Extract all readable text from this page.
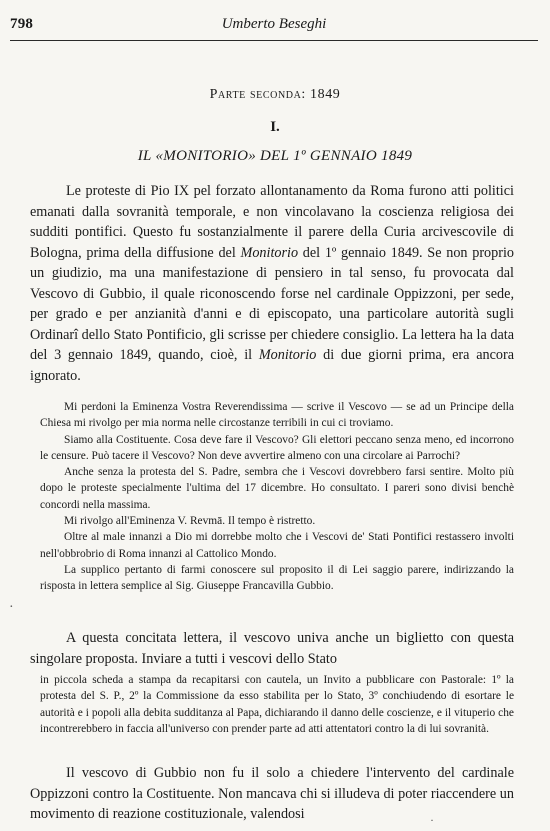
798	Umberto Beseghi
Parte seconda: 1849
I.
IL «MONITORIO» DEL 1º GENNAIO 1849

Le proteste di Pio IX pel forzato allontanamento da Roma furono atti politici emanati dalla sovranità temporale, e non vincolavano la coscienza religiosa dei sudditi pontifici. Questo fu sostanzialmente il parere della Curia arcivescovile di Bologna, prima della diffusione del Monitorio del 1º gennaio 1849. Se non proprio un giudizio, ma una manifestazione di pensiero in tal senso, fu provocata dal Vescovo di Gubbio, il quale riconoscendo forse nel cardinale Oppizzoni, per sede, per grado e per anzianità d'anni e di episcopato, una particolare autorità sugli Ordinarî dello Stato Pontificio, gli scrisse per chiedere consiglio. La lettera ha la data del 3 gennaio 1849, quando, cioè, il Monitorio di due giorni prima, era ancora ignorato.

Mi perdoni la Eminenza Vostra Reverendissima — scrive il Vescovo — se ad un Principe della Chiesa mi rivolgo per mia norma nelle circostanze terribili in cui ci troviamo.

Siamo alla Costituente. Cosa deve fare il Vescovo? Gli elettori peccano senza meno, ed incorrono le censure. Può tacere il Vescovo? Non deve avvertire almeno con una circolare ai Parrochi?

Anche senza la protesta del S. Padre, sembra che i Vescovi dovrebbero farsi sentire. Molto più dopo le proteste specialmente l'ultima del 17 dicembre. Ho consultato. I pareri sono divisi benchè concordi nella massima.

Mi rivolgo all'Eminenza V. Revmā. Il tempo è ristretto.

Oltre al male innanzi a Dio mi dorrebbe molto che i Vescovi de' Stati Pontifici restassero involti nell'obbrobrio di Roma innanzi al Cattolico Mondo.

La supplico pertanto di farmi conoscere sul proposito il di Lei saggio parere, indirizzando la risposta in lettera semplice al Sig. Giuseppe Francavilla Gubbio.

·

A questa concitata lettera, il vescovo univa anche un biglietto con questa singolare proposta. Inviare a tutti i vescovi dello Stato

in piccola scheda a stampa da recapitarsi con cautela, un Invito a pubblicare con Pastorale: 1º la protesta del S. P., 2º la Commissione da esso stabilita per lo Stato, 3º conchiudendo di esortare le autorità e i popoli alla debita sudditanza al Papa, dichiarando il danno delle coscienze, e il vituperio che incontrerebbero in faccia all'universo con prender parte ad atti attentatori contro la di lui sovranità.

Il vescovo di Gubbio non fu il solo a chiedere l'intervento del cardinale Oppizzoni contro la Costituente. Non mancava chi si illudeva di poter riaccendere un movimento di reazione costituzionale, valendosi	·
